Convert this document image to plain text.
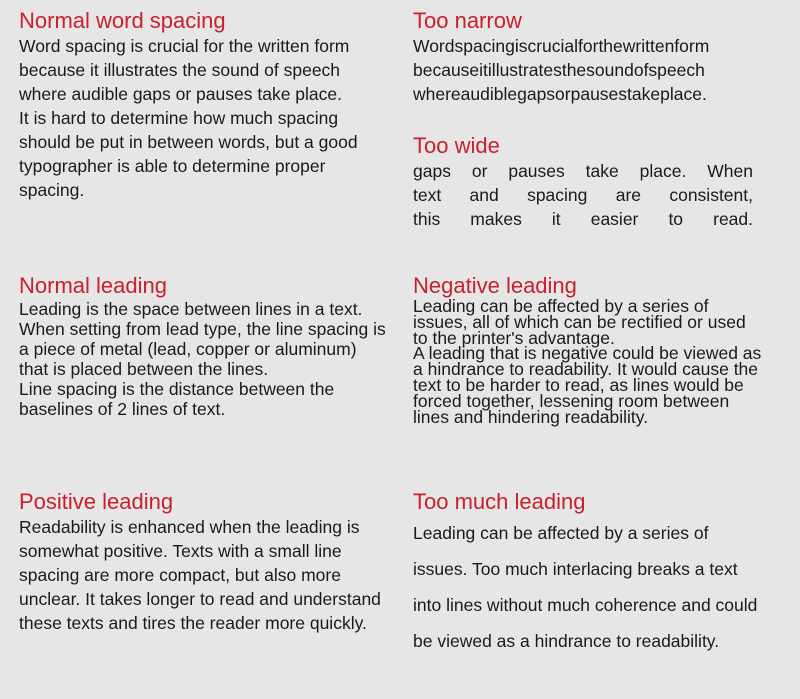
Normal word spacing

Word spacing is crucial for the written form because it illustrates the sound of speech where audible gaps or pauses take place.
It is hard to determine how much spacing should be put in between words, but a good typographer is able to determine proper spacing.

Too narrow

Wordspacingiscrucialforthewrittenform
becauseitillustratesthesoundofspeech
whereaudiblegapsorpausestakeplace.

Too wide

gaps or pauses take place. When
text and spacing are consistent,
this makes it easier to read.

Normal leading

Leading is the space between lines in a text. When setting from lead type, the line spacing is a piece of metal (lead, copper or aluminum) that is placed between the lines.
Line spacing is the distance between the baselines of 2 lines of text.

Negative leading

Leading can be affected by a series of issues, all of which can be rectified or used to the printer's advantage.
A leading that is negative could be viewed as a hindrance to readability. It would cause the text to be harder to read, as lines would be forced together, lessening room between lines and hindering readability.

Positive leading

Readability is enhanced when the leading is somewhat positive. Texts with a small line spacing are more compact, but also more unclear. It takes longer to read and understand these texts and tires the reader more quickly.

Too much leading

Leading can be affected by a series of issues. Too much interlacing breaks a text into lines without much coherence and could be viewed as a hindrance to readability.
